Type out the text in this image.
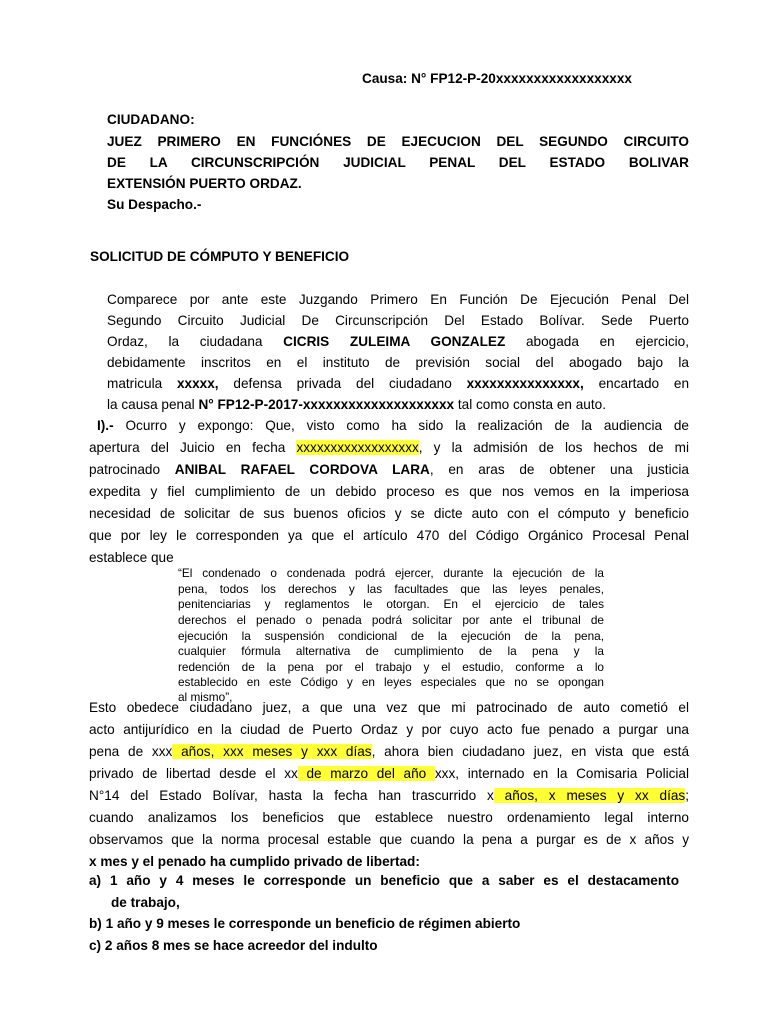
Causa: N° FP12-P-20xxxxxxxxxxxxxxxxxx
CIUDADANO:
JUEZ PRIMERO EN FUNCIÓNES DE EJECUCION DEL SEGUNDO CIRCUITO
DE LA CIRCUNSCRIPCIÓN JUDICIAL PENAL DEL ESTADO BOLIVAR
EXTENSIÓN PUERTO ORDAZ.
Su Despacho.-
SOLICITUD DE CÓMPUTO Y BENEFICIO
Comparece por ante este Juzgando Primero En Función De Ejecución Penal Del
Segundo Circuito Judicial De Circunscripción Del Estado Bolívar. Sede Puerto
Ordaz, la ciudadana CICRIS ZULEIMA GONZALEZ abogada en ejercicio,
debidamente inscritos en el instituto de previsión social del abogado bajo la
matricula xxxxx, defensa privada del ciudadano xxxxxxxxxxxxxxx, encartado en
la causa penal N° FP12-P-2017-xxxxxxxxxxxxxxxxxxxx tal como consta en auto.
I).- Ocurro y expongo: Que, visto como ha sido la realización de la audiencia de
apertura del Juicio en fecha xxxxxxxxxxxxxxxxxx, y la admisión de los hechos de mi
patrocinado ANIBAL RAFAEL CORDOVA LARA, en aras de obtener una justicia
expedita y fiel cumplimiento de un debido proceso es que nos vemos en la imperiosa
necesidad de solicitar de sus buenos oficios y se dicte auto con el cómputo y beneficio
que por ley le corresponden ya que el artículo 470 del Código Orgánico Procesal Penal
establece que
“El condenado o condenada podrá ejercer, durante la ejecución de la
pena, todos los derechos y las facultades que las leyes penales,
penitenciarias y reglamentos le otorgan. En el ejercicio de tales
derechos el penado o penada podrá solicitar por ante el tribunal de
ejecución la suspensión condicional de la ejecución de la pena,
cualquier fórmula alternativa de cumplimiento de la pena y la
redención de la pena por el trabajo y el estudio, conforme a lo
establecido en este Código y en leyes especiales que no se opongan
al mismo”,
Esto obedece ciudadano juez, a que una vez que mi patrocinado de auto cometió el
acto antijurídico en la ciudad de Puerto Ordaz y por cuyo acto fue penado a purgar una
pena de xxx años, xxx meses y xxx días, ahora bien ciudadano juez, en vista que está
privado de libertad desde el xx de marzo del año xxx, internado en la Comisaria Policial
N°14 del Estado Bolívar, hasta la fecha han trascurrido x años, x meses y xx días;
cuando analizamos los beneficios que establece nuestro ordenamiento legal interno
observamos que la norma procesal estable que cuando la pena a purgar es de x años y
x mes y el penado ha cumplido privado de libertad:
a) 1 año y 4 meses le corresponde un beneficio que a saber es el destacamento
de trabajo,
b) 1 año y 9 meses le corresponde un beneficio de régimen abierto
c) 2 años 8 mes se hace acreedor del indulto
